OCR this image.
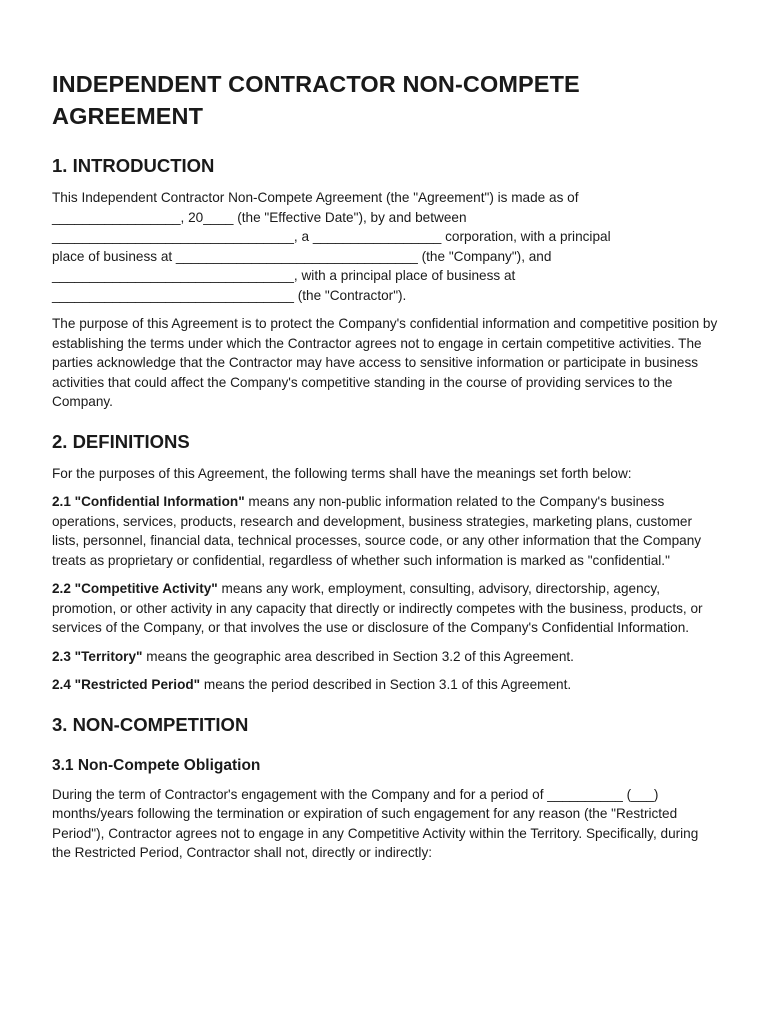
INDEPENDENT CONTRACTOR NON-COMPETE AGREEMENT
1. INTRODUCTION

This Independent Contractor Non-Compete Agreement (the "Agreement") is made as of
_________________, 20____ (the "Effective Date"), by and between
________________________________, a _________________ corporation, with a principal
place of business at ________________________________ (the "Company"), and
________________________________, with a principal place of business at
________________________________ (the "Contractor").

The purpose of this Agreement is to protect the Company's confidential information and competitive position by establishing the terms under which the Contractor agrees not to engage in certain competitive activities. The parties acknowledge that the Contractor may have access to sensitive information or participate in business activities that could affect the Company's competitive standing in the course of providing services to the Company.

2. DEFINITIONS

For the purposes of this Agreement, the following terms shall have the meanings set forth below:

2.1 "Confidential Information" means any non-public information related to the Company's business operations, services, products, research and development, business strategies, marketing plans, customer lists, personnel, financial data, technical processes, source code, or any other information that the Company treats as proprietary or confidential, regardless of whether such information is marked as "confidential."

2.2 "Competitive Activity" means any work, employment, consulting, advisory, directorship, agency, promotion, or other activity in any capacity that directly or indirectly competes with the business, products, or services of the Company, or that involves the use or disclosure of the Company's Confidential Information.

2.3 "Territory" means the geographic area described in Section 3.2 of this Agreement.

2.4 "Restricted Period" means the period described in Section 3.1 of this Agreement.

3. NON-COMPETITION
3.1 Non-Compete Obligation

During the term of Contractor's engagement with the Company and for a period of __________ (___) months/years following the termination or expiration of such engagement for any reason (the "Restricted Period"), Contractor agrees not to engage in any Competitive Activity within the Territory. Specifically, during the Restricted Period, Contractor shall not, directly or indirectly:
